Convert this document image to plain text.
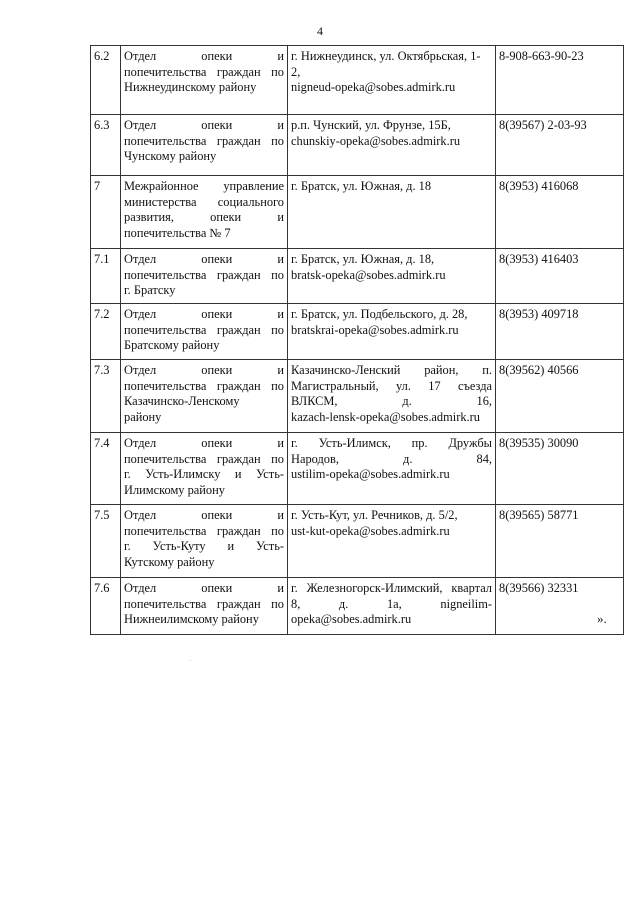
4
6.2	Отдел опеки и
попечительства граждан по
Нижнеудинскому району	г. Нижнеудинск, ул. Октябрьская, 1-
2,
nigneud-opeka@sobes.admirk.ru	8-908-663-90-23
6.3	Отдел опеки и
попечительства граждан по
Чунскому району	р.п. Чунский, ул. Фрунзе, 15Б,
chunskiy-opeka@sobes.admirk.ru	8(39567) 2-03-93
7	Межрайонное управление
министерства социального
развития, опеки и
попечительства № 7	г. Братск, ул. Южная, д. 18	8(3953) 416068
7.1	Отдел опеки и
попечительства граждан по
г. Братску	г. Братск, ул. Южная, д. 18,
bratsk-opeka@sobes.admirk.ru	8(3953) 416403
7.2	Отдел опеки и
попечительства граждан по
Братскому району	г. Братск, ул. Подбельского, д. 28,
bratskrai-opeka@sobes.admirk.ru	8(3953) 409718
7.3	Отдел опеки и
попечительства граждан по
Казачинско-Ленскому
району	Казачинско-Ленский район, п.
Магистральный, ул. 17 съезда
ВЛКСМ, д. 16,
kazach-lensk-opeka@sobes.admirk.ru	8(39562) 40566
7.4	Отдел опеки и
попечительства граждан по
г. Усть-Илимску и Усть-
Илимскому району	г. Усть-Илимск, пр. Дружбы
Народов, д. 84,
ustilim-opeka@sobes.admirk.ru	8(39535) 30090
7.5	Отдел опеки и
попечительства граждан по
г. Усть-Куту и Усть-
Кутскому району	г. Усть-Кут, ул. Речников, д. 5/2,
ust-kut-opeka@sobes.admirk.ru	8(39565) 58771
7.6	Отдел опеки и
попечительства граждан по
Нижнеилимскому району	г. Железногорск-Илимский, квартал
8, д. 1а, nigneilim-
opeka@sobes.admirk.ru	8(39566) 32331
».
